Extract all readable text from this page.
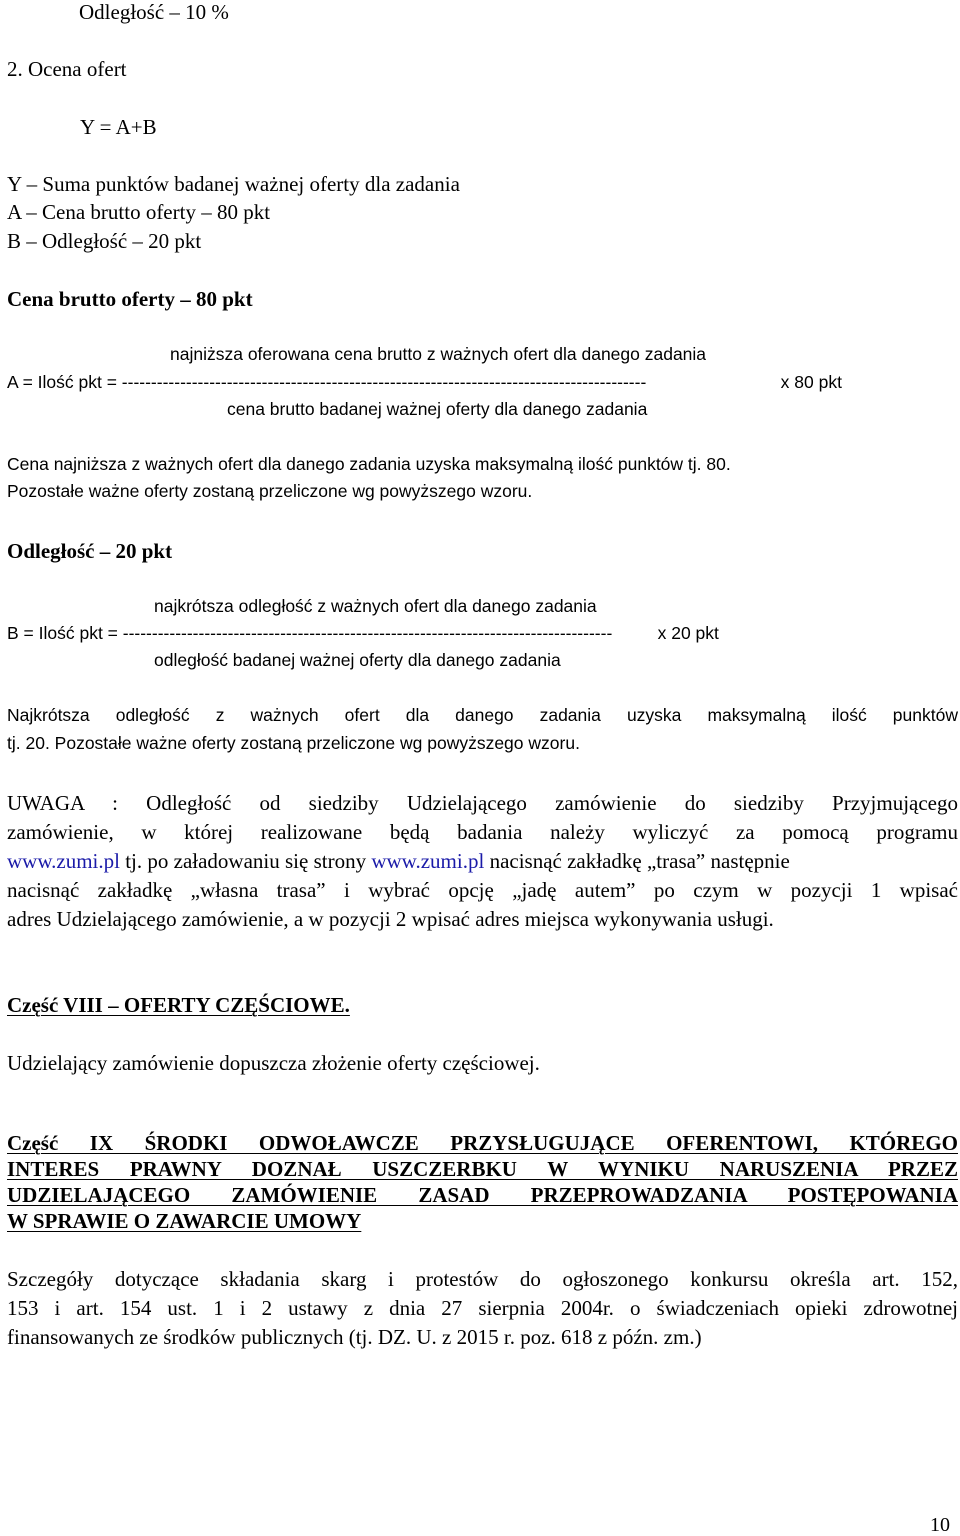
Odległość – 10 %
2. Ocena ofert
Y = A+B
Y – Suma punktów badanej ważnej oferty dla zadania
A – Cena brutto oferty – 80 pkt
B – Odległość – 20 pkt
Cena brutto oferty – 80 pkt
najniższa oferowana cena brutto z ważnych ofert dla danego zadania
A = Ilość pkt = ------------------------------------------------------------------------------------------	x 80 pkt
cena brutto badanej ważnej oferty dla danego zadania
Cena najniższa z ważnych ofert dla danego zadania uzyska maksymalną ilość punktów tj. 80.
Pozostałe ważne oferty zostaną przeliczone wg powyższego wzoru.
Odległość – 20 pkt
najkrótsza odległość z ważnych ofert dla danego zadania
B = Ilość pkt = ------------------------------------------------------------------------------------ x 20 pkt
odległość badanej ważnej oferty dla danego zadania
Najkrótsza odległość z ważnych ofert dla danego zadania uzyska maksymalną ilość punktów
tj. 20. Pozostałe ważne oferty zostaną przeliczone wg powyższego wzoru.
UWAGA : Odległość od siedziby Udzielającego zamówienie do siedziby Przyjmującego
zamówienie, w której realizowane będą badania należy wyliczyć za pomocą programu
www.zumi.pl tj. po załadowaniu się strony www.zumi.pl nacisnąć zakładkę „trasa” następnie
nacisnąć zakładkę „własna trasa” i wybrać opcję „jadę autem” po czym w pozycji 1 wpisać
adres Udzielającego zamówienie, a w pozycji 2 wpisać adres miejsca wykonywania usługi.
Część VIII – OFERTY CZĘŚCIOWE.
Udzielający zamówienie dopuszcza złożenie oferty częściowej.
Część IX ŚRODKI ODWOŁAWCZE PRZYSŁUGUJĄCE OFERENTOWI, KTÓREGO
INTERES PRAWNY DOZNAŁ USZCZERBKU W WYNIKU NARUSZENIA PRZEZ
UDZIELAJĄCEGO ZAMÓWIENIE ZASAD PRZEPROWADZANIA POSTĘPOWANIA
W SPRAWIE O ZAWARCIE UMOWY
Szczegóły dotyczące składania skarg i protestów do ogłoszonego konkursu określa art. 152,
153 i art. 154 ust. 1 i 2 ustawy z dnia 27 sierpnia 2004r. o świadczeniach opieki zdrowotnej
finansowanych ze środków publicznych (tj. DZ. U. z 2015 r. poz. 618 z późn. zm.)
10
